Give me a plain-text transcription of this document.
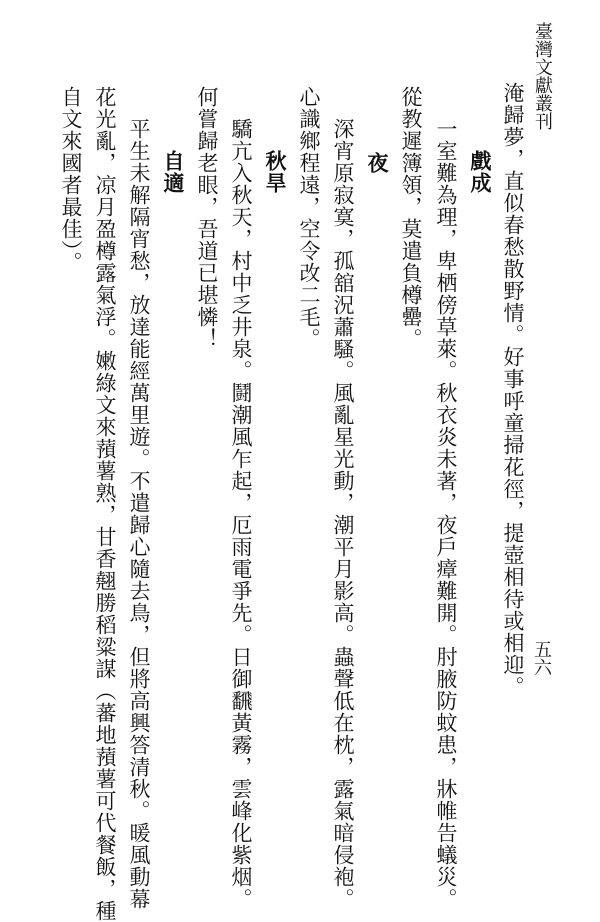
臺灣文獻叢刊
淹歸夢，直似春愁散野情。好事呼童掃花徑，提壺相待或相迎。
戲成
一室難為理，卑栖傍草萊。秋衣炎未著，夜戶瘴難開。肘腋防蚊患，牀帷告蟻災。
從教遲簿領，莫遣負樽罍。
夜
深宵原寂寞，孤舘況蕭騷。風亂星光動，潮平月影高。蟲聲低在枕，露氣暗侵袍。
心識鄉程遠，空令改二毛。
秋旱
驕亢入秋天，村中乏井泉。鬪潮風乍起，厄雨電爭先。日御飜黃霧，雲峰化紫烟。
何嘗歸老眼，吾道已堪憐！
自適
平生未解隔宵愁，放達能經萬里遊。不遣歸心隨去鳥，但將高興答清秋。暖風動幕
花光亂，凉月盈樽露氣浮。嫩綠文來蕷薯熟，甘香翹勝稻粱謀（蕃地蕷薯可代餐飯，種
自文來國者最佳）。
五六
